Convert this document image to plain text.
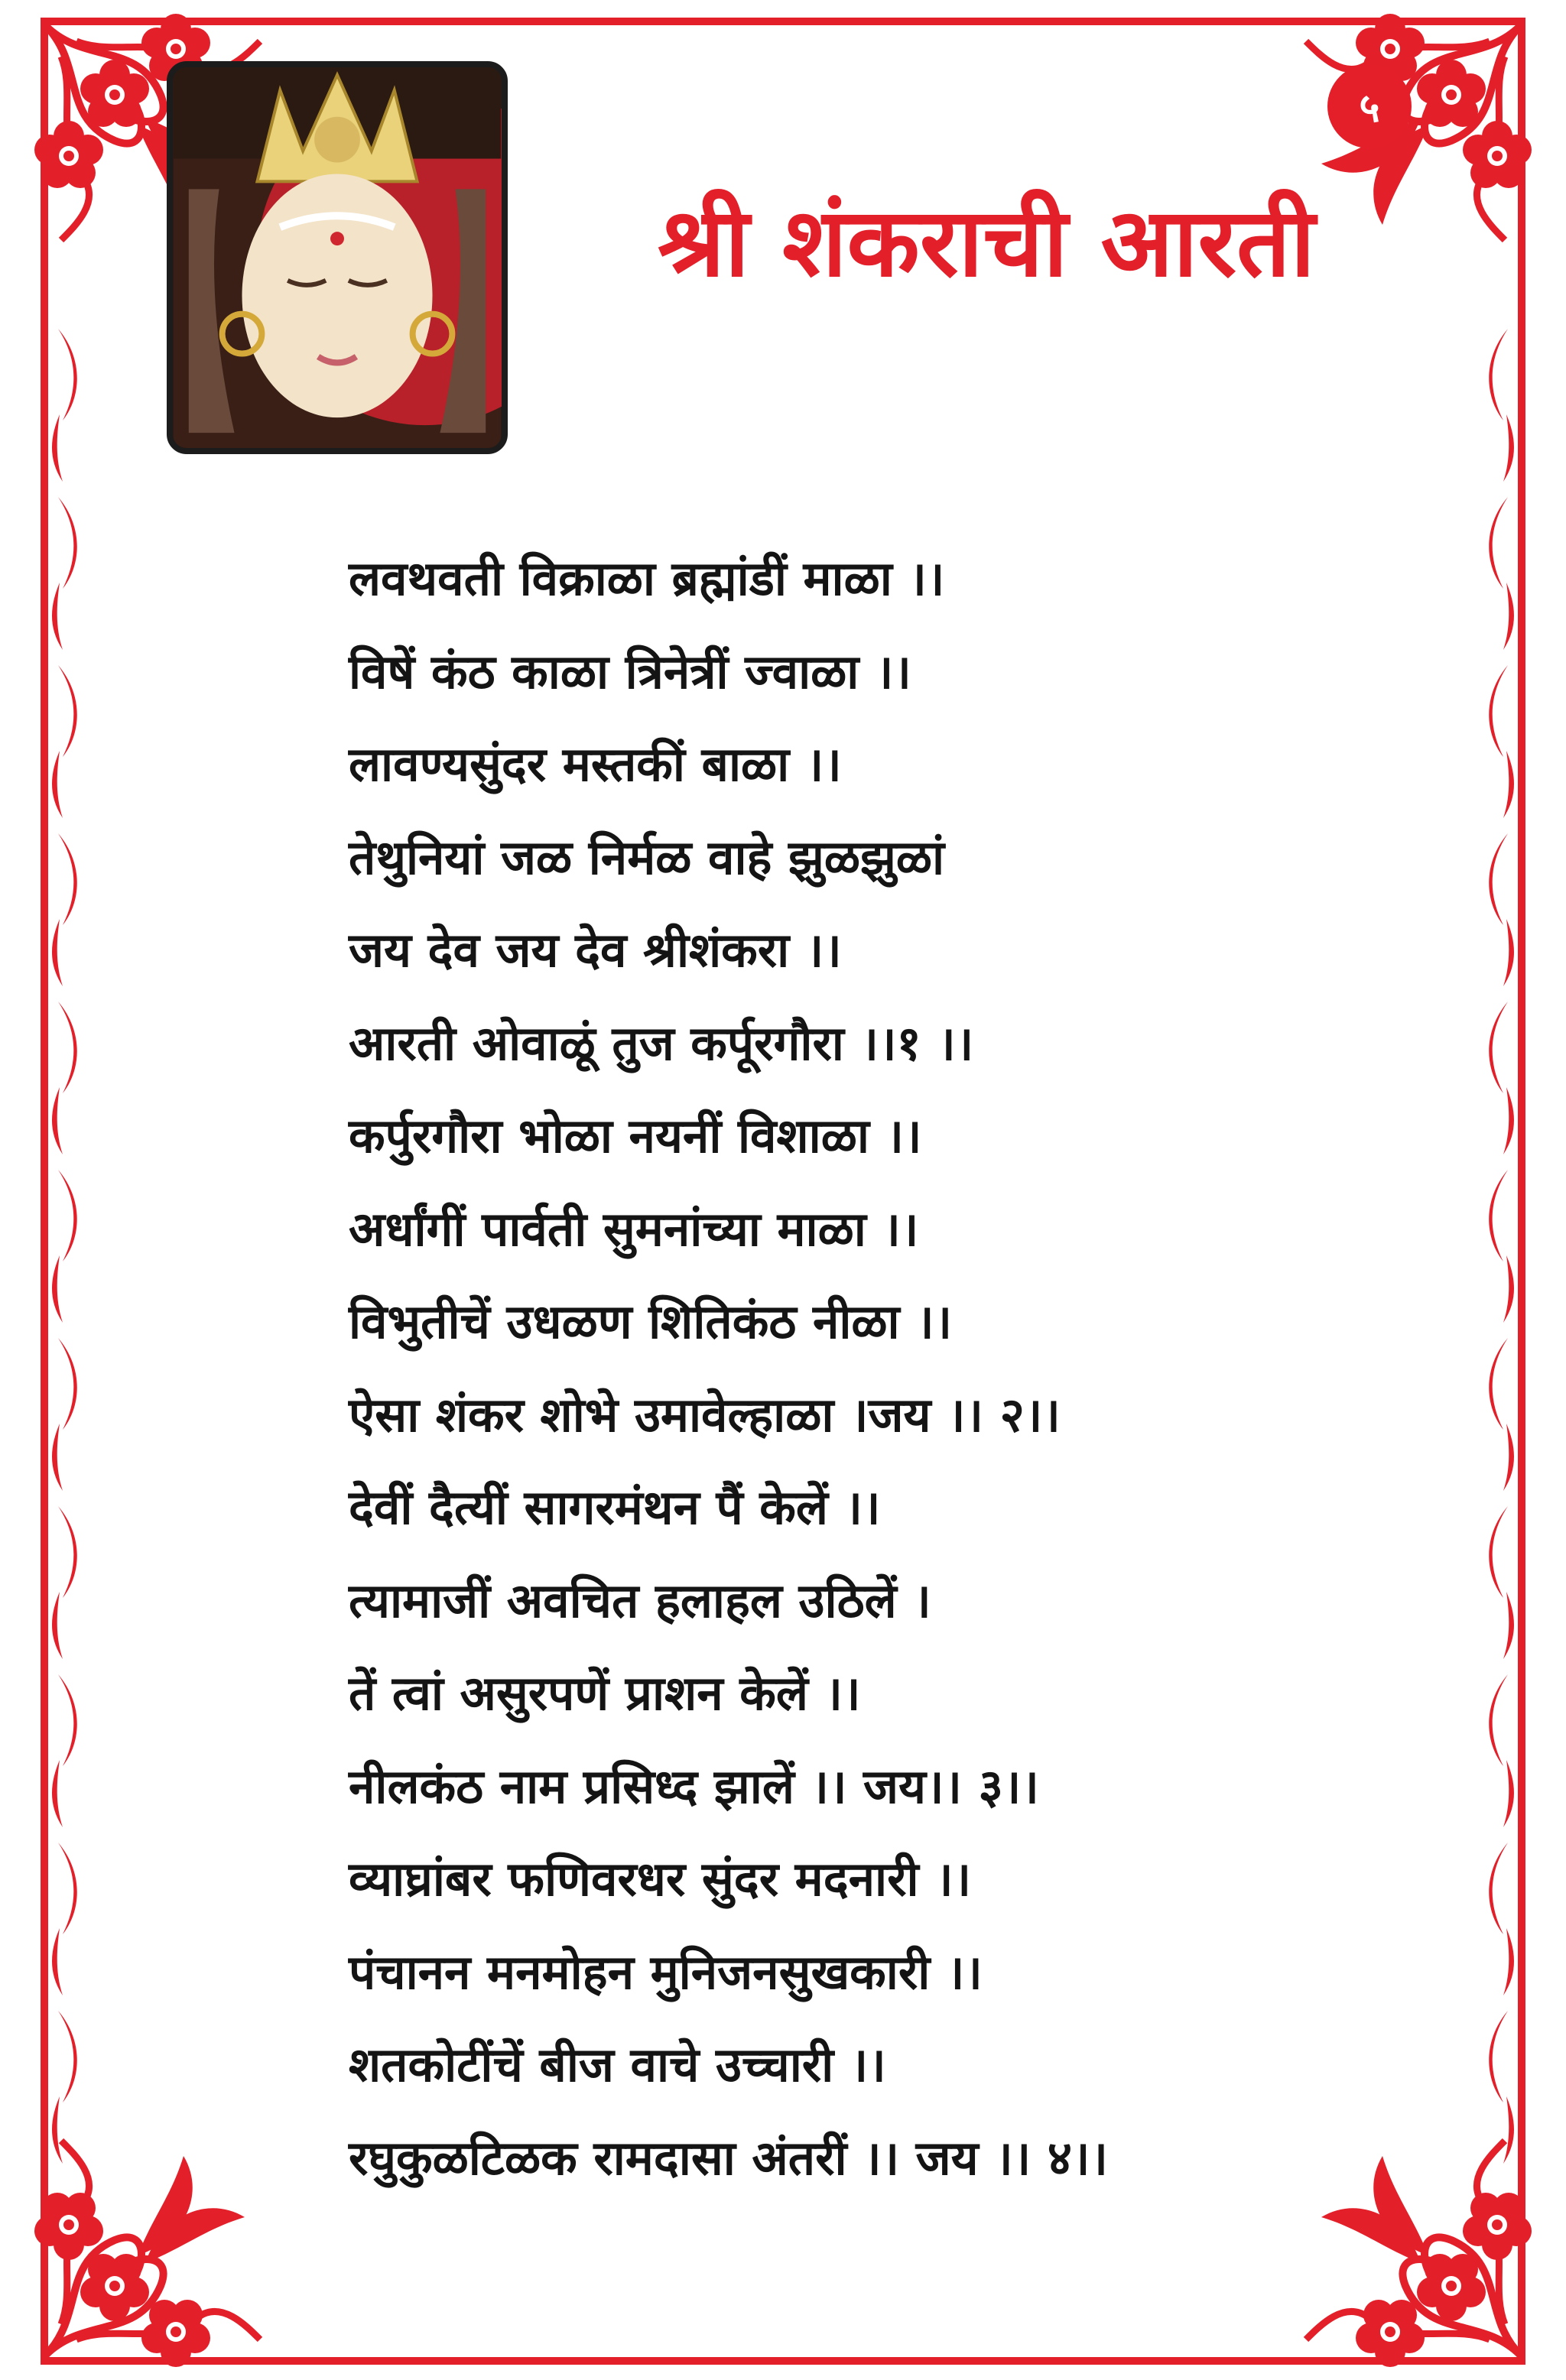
५
श्री शंकराची आरती
लवथवती विक्राळा ब्रह्मांडीं माळा ।।
विषें कंठ काळा त्रिनेत्रीं ज्वाळा ।।
लावण्यसुंदर मस्तकीं बाळा ।।
तेथुनियां जळ निर्मळ वाहे झुळझुळां
जय देव जय देव श्रीशंकरा ।।
आरती ओवाळूं तुज कर्पूरगौरा ।।१ ।।
कर्पुरगौरा भोळा नयनीं विशाळा ।।
अर्धांगीं पार्वती सुमनांच्या माळा ।।
विभुतीचें उधळण शितिकंठ नीळा ।।
ऐसा शंकर शोभे उमावेल्हाळा ।जय ।। २।।
देवीं दैत्यीं सागरमंथन पैं केलें ।।
त्यामाजीं अवचित हलाहल उठिलें ।
तें त्वां असुरपणें प्राशन केलें ।।
नीलकंठ नाम प्रसिध्द झालें ।। जय।। ३।।
व्याघ्रांबर फणिवरधर सुंदर मदनारी ।।
पंचानन मनमोहन मुनिजनसुखकारी ।।
शतकोटींचें बीज वाचे उच्चारी ।।
रघुकुळटिळक रामदासा अंतरीं ।। जय ।। ४।।
